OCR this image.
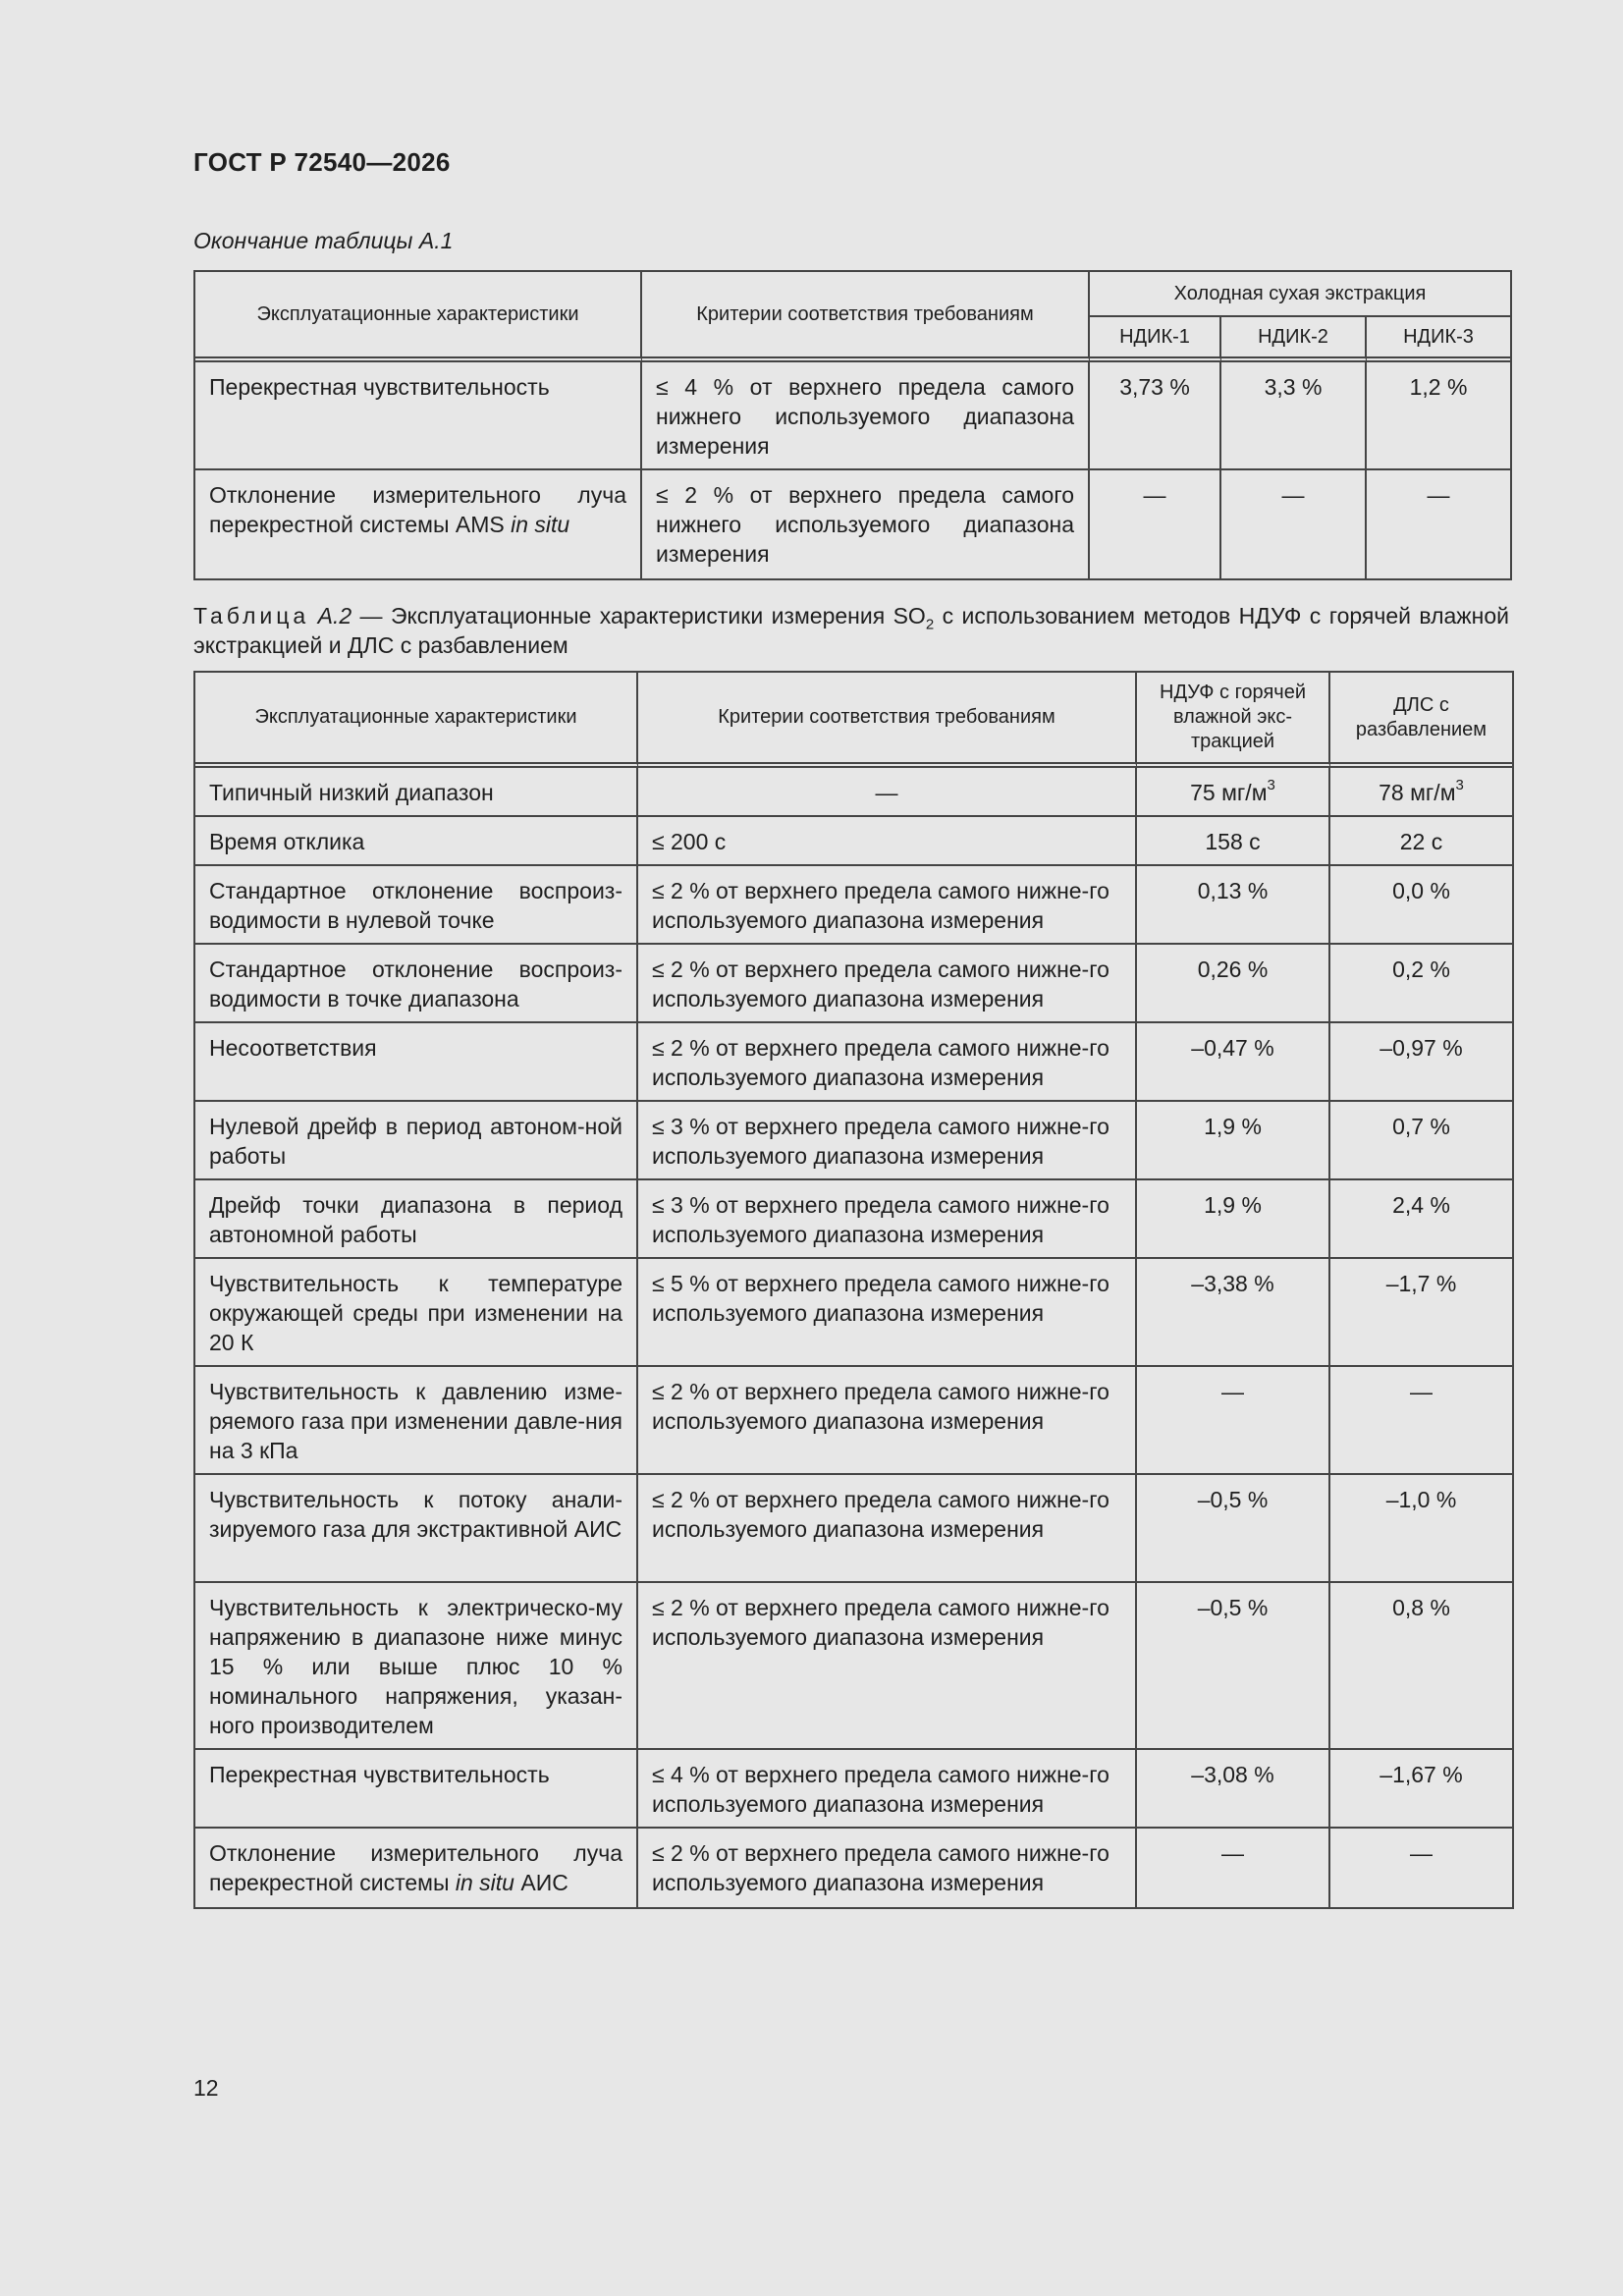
ГОСТ Р 72540—2026
Окончание таблицы А.1
Эксплуатационные характеристики	Критерии соответствия требованиям	Холодная сухая экстракция		
		НДИК-1	НДИК-2	НДИК-3
Перекрестная чувствительность	≤ 4 % от верхнего предела самого нижнего используемого диапазона измерения	3,73 %	3,3 %	1,2 %
Отклонение измерительного луча перекрестной системы AMS in situ	≤ 2 % от верхнего предела самого нижнего используемого диапазона измерения	—	—	—
Таблица А.2 — Эксплуатационные характеристики измерения $SO_2$ с использованием методов НДУФ с горячей влажной экстракцией и ДЛС с разбавлением
Эксплуатационные характеристики	Критерии соответствия требованиям	НДУФ с горячей влажной экс-тракцией	ДЛС с разбавлением
Типичный низкий диапазон	—	75 $мг/м^3$	78 $мг/м^3$
Время отклика	≤ 200 с	158 с	22 с
Стандартное отклонение воспроиз-водимости в нулевой точке	≤ 2 % от верхнего предела самого нижне-го используемого диапазона измерения	0,13 %	0,0 %
Стандартное отклонение воспроиз-водимости в точке диапазона	≤ 2 % от верхнего предела самого нижне-го используемого диапазона измерения	0,26 %	0,2 %
Несоответствия	≤ 2 % от верхнего предела самого нижне-го используемого диапазона измерения	–0,47 %	–0,97 %
Нулевой дрейф в период автоном-ной работы	≤ 3 % от верхнего предела самого нижне-го используемого диапазона измерения	1,9 %	0,7 %
Дрейф точки диапазона в период автономной работы	≤ 3 % от верхнего предела самого нижне-го используемого диапазона измерения	1,9 %	2,4 %
Чувствительность к температуре окружающей среды при изменении на 20 К	≤ 5 % от верхнего предела самого нижне-го используемого диапазона измерения	–3,38 %	–1,7 %
Чувствительность к давлению изме-ряемого газа при изменении давле-ния на 3 кПа	≤ 2 % от верхнего предела самого нижне-го используемого диапазона измерения	—	—
Чувствительность к потоку анали-зируемого газа для экстрактивной АИС	≤ 2 % от верхнего предела самого нижне-го используемого диапазона измерения	–0,5 %	–1,0 %
Чувствительность к электрическо-му напряжению в диапазоне ниже минус 15 % или выше плюс 10 % номинального напряжения, указан-ного производителем	≤ 2 % от верхнего предела самого нижне-го используемого диапазона измерения	–0,5 %	0,8 %
Перекрестная чувствительность	≤ 4 % от верхнего предела самого нижне-го используемого диапазона измерения	–3,08 %	–1,67 %
Отклонение измерительного луча перекрестной системы in situ АИС	≤ 2 % от верхнего предела самого нижне-го используемого диапазона измерения	—	—
12
